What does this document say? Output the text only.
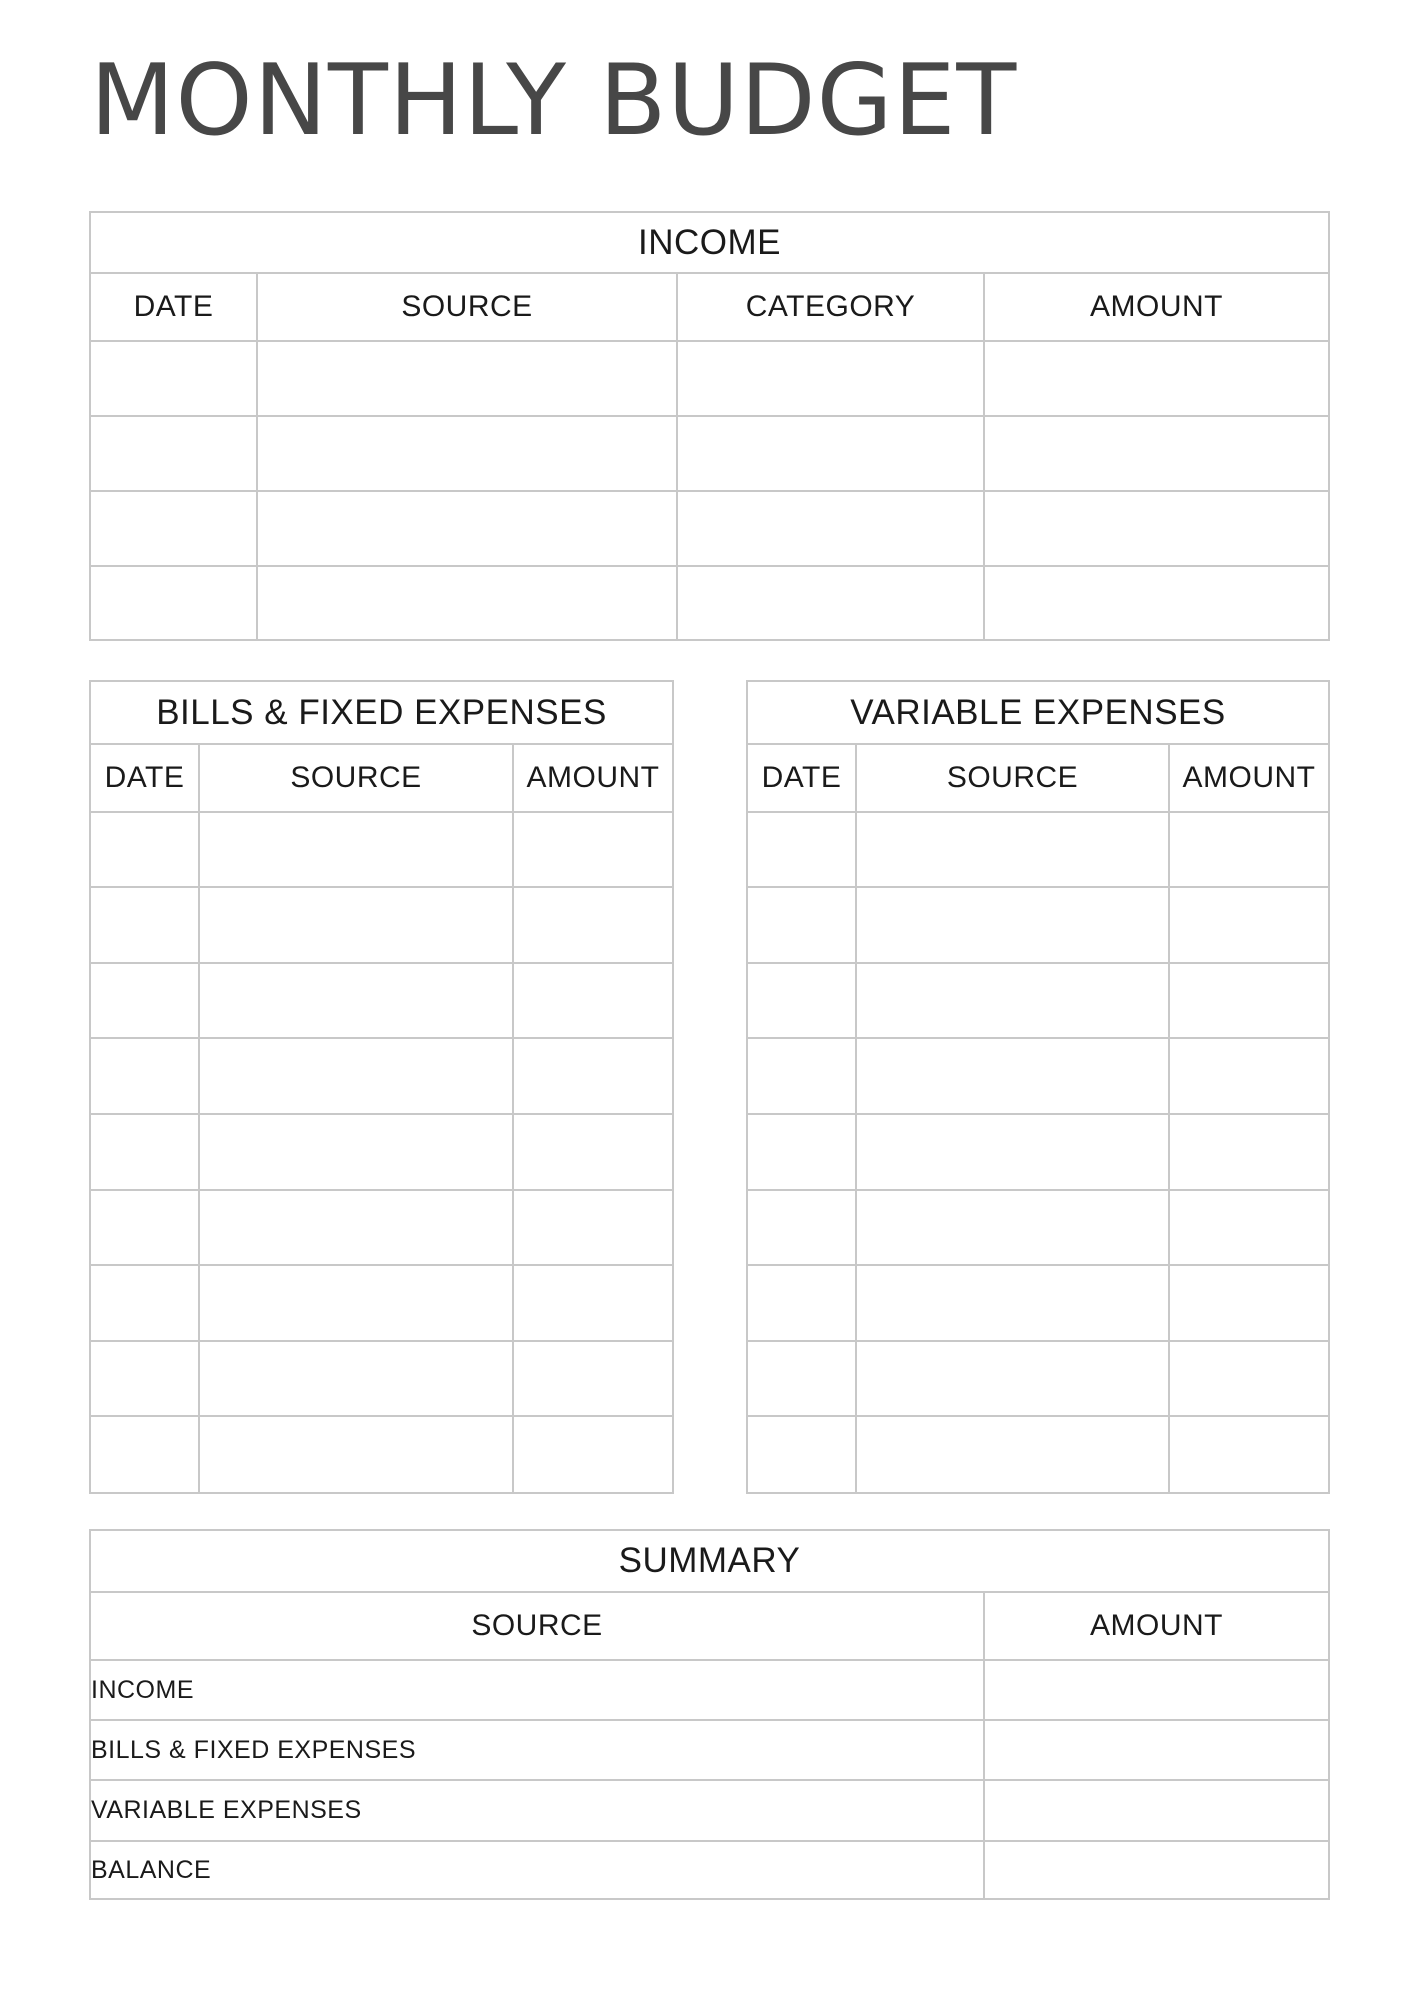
MONTHLY BUDGET
INCOME
DATE	SOURCE	CATEGORY	AMOUNT

BILLS & FIXED EXPENSES
DATE	SOURCE	AMOUNT

VARIABLE EXPENSES
DATE	SOURCE	AMOUNT

SUMMARY
SOURCE	AMOUNT
INCOME	
BILLS & FIXED EXPENSES	
VARIABLE EXPENSES	
BALANCE	
